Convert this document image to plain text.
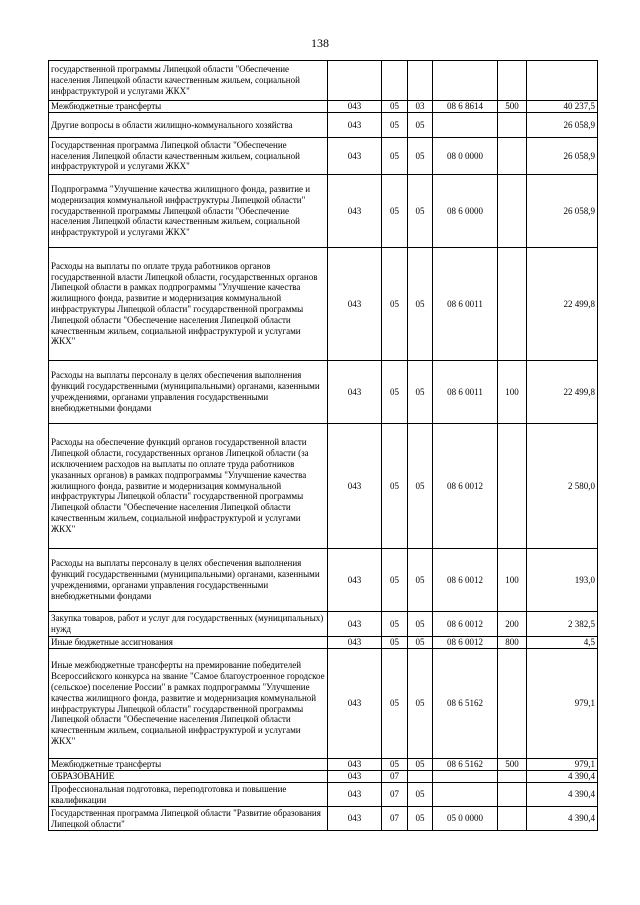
138
государственной программы Липецкой области "Обеспечение населения Липецкой области качественным жильем, социальной инфраструктурой и услугами ЖКХ"						
Межбюджетные трансферты	043	05	03	08 6 8614	500	40 237,5
Другие вопросы в области жилищно-коммунального хозяйства	043	05	05			26 058,9
Государственная программа Липецкой области "Обеспечение населения Липецкой области качественным жильем, социальной инфраструктурой и услугами ЖКХ"	043	05	05	08 0 0000		26 058,9
Подпрограмма "Улучшение качества жилищного фонда, развитие и модернизация коммунальной инфраструктуры Липецкой области" государственной программы Липецкой области "Обеспечение населения Липецкой области качественным жильем, социальной инфраструктурой и услугами ЖКХ"	043	05	05	08 6 0000		26 058,9
Расходы на выплаты по оплате труда работников органов государственной власти Липецкой области, государственных органов Липецкой области в рамках подпрограммы "Улучшение качества жилищного фонда, развитие и модернизация коммунальной инфраструктуры Липецкой области" государственной программы Липецкой области "Обеспечение населения Липецкой области качественным жильем, социальной инфраструктурой и услугами ЖКХ"	043	05	05	08 6 0011		22 499,8
Расходы на выплаты персоналу в целях обеспечения выполнения функций государственными (муниципальными) органами, казенными учреждениями, органами управления государственными внебюджетными фондами	043	05	05	08 6 0011	100	22 499,8
Расходы на обеспечение функций органов государственной власти Липецкой области, государственных органов Липецкой области (за исключением расходов на выплаты по оплате труда работников указанных органов) в рамках подпрограммы "Улучшение качества жилищного фонда, развитие и модернизация коммунальной инфраструктуры Липецкой области" государственной программы Липецкой области "Обеспечение населения Липецкой области качественным жильем, социальной инфраструктурой и услугами ЖКХ"	043	05	05	08 6 0012		2 580,0
Расходы на выплаты персоналу в целях обеспечения выполнения функций государственными (муниципальными) органами, казенными учреждениями, органами управления государственными внебюджетными фондами	043	05	05	08 6 0012	100	193,0
Закупка товаров, работ и услуг для государственных (муниципальных) нужд	043	05	05	08 6 0012	200	2 382,5
Иные бюджетные ассигнования	043	05	05	08 6 0012	800	4,5
Иные межбюджетные трансферты на премирование победителей Всероссийского конкурса на звание "Самое благоустроенное городское (сельское) поселение России" в рамках подпрограммы "Улучшение качества жилищного фонда, развитие и модернизация коммунальной инфраструктуры Липецкой области" государственной программы Липецкой области "Обеспечение населения Липецкой области качественным жильем, социальной инфраструктурой и услугами ЖКХ"	043	05	05	08 6 5162		979,1
Межбюджетные трансферты	043	05	05	08 6 5162	500	979,1
ОБРАЗОВАНИЕ	043	07				4 390,4
Профессиональная подготовка, переподготовка и повышение квалификации	043	07	05			4 390,4
Государственная программа Липецкой области "Развитие образования Липецкой области"	043	07	05	05 0 0000		4 390,4
